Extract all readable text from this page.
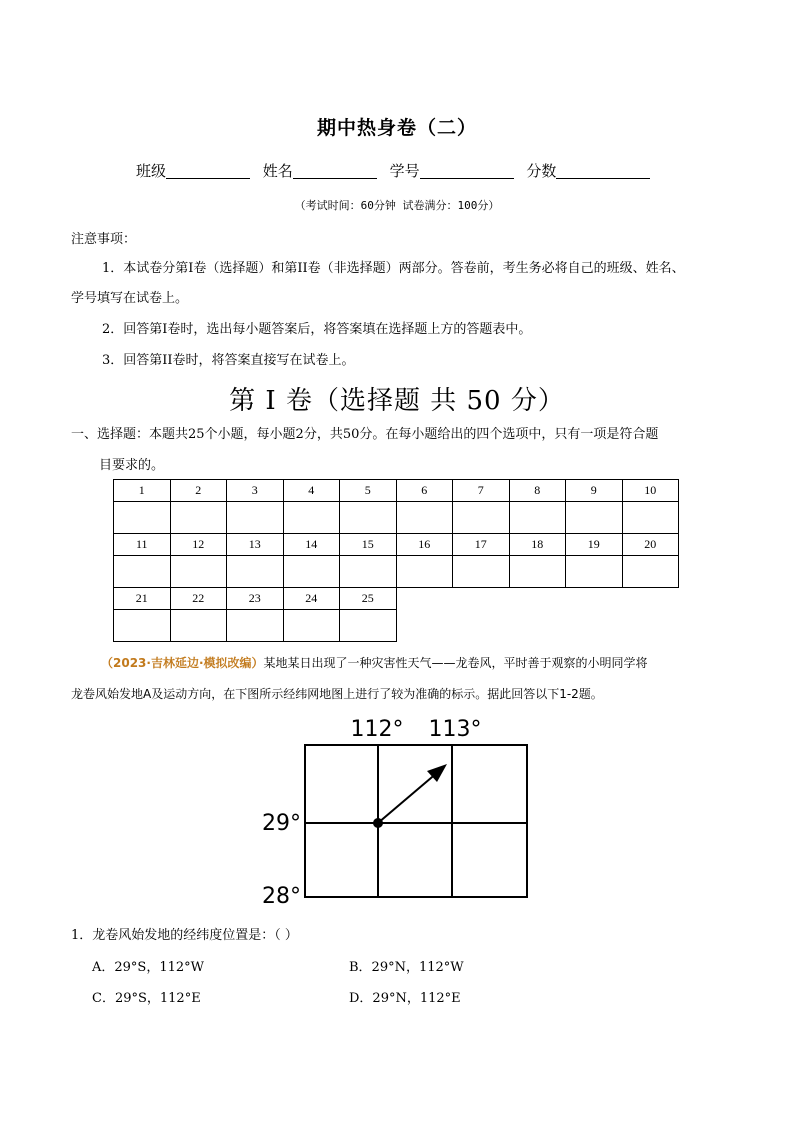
期中热身卷（二）
班级	姓名	学号	分数
（考试时间：60分钟 试卷满分：100分）
注意事项：
1．本试卷分第I卷（选择题）和第II卷（非选择题）两部分。答卷前，考生务必将自己的班级、姓名、
学号填写在试卷上。
2．回答第I卷时，选出每小题答案后，将答案填在选择题上方的答题表中。
3．回答第II卷时，将答案直接写在试卷上。
第 I 卷（选择题 共 50 分）
一、选择题：本题共25个小题，每小题2分，共50分。在每小题给出的四个选项中，只有一项是符合题
目要求的。
1	2	3	4	5	6	7	8	9	10

11	12	13	14	15	16	17	18	19	20

21	22	23	24	25					

（2023·吉林延边·模拟改编）某地某日出现了一种灾害性天气——龙卷风，平时善于观察的小明同学将
龙卷风始发地A及运动方向，在下图所示经纬网地图上进行了较为准确的标示。据此回答以下1-2题。
112° 113°
29°
28°
1．龙卷风始发地的经纬度位置是：（ ）
A．29°S，112°W	B．29°N，112°W
C．29°S，112°E	D．29°N，112°E
